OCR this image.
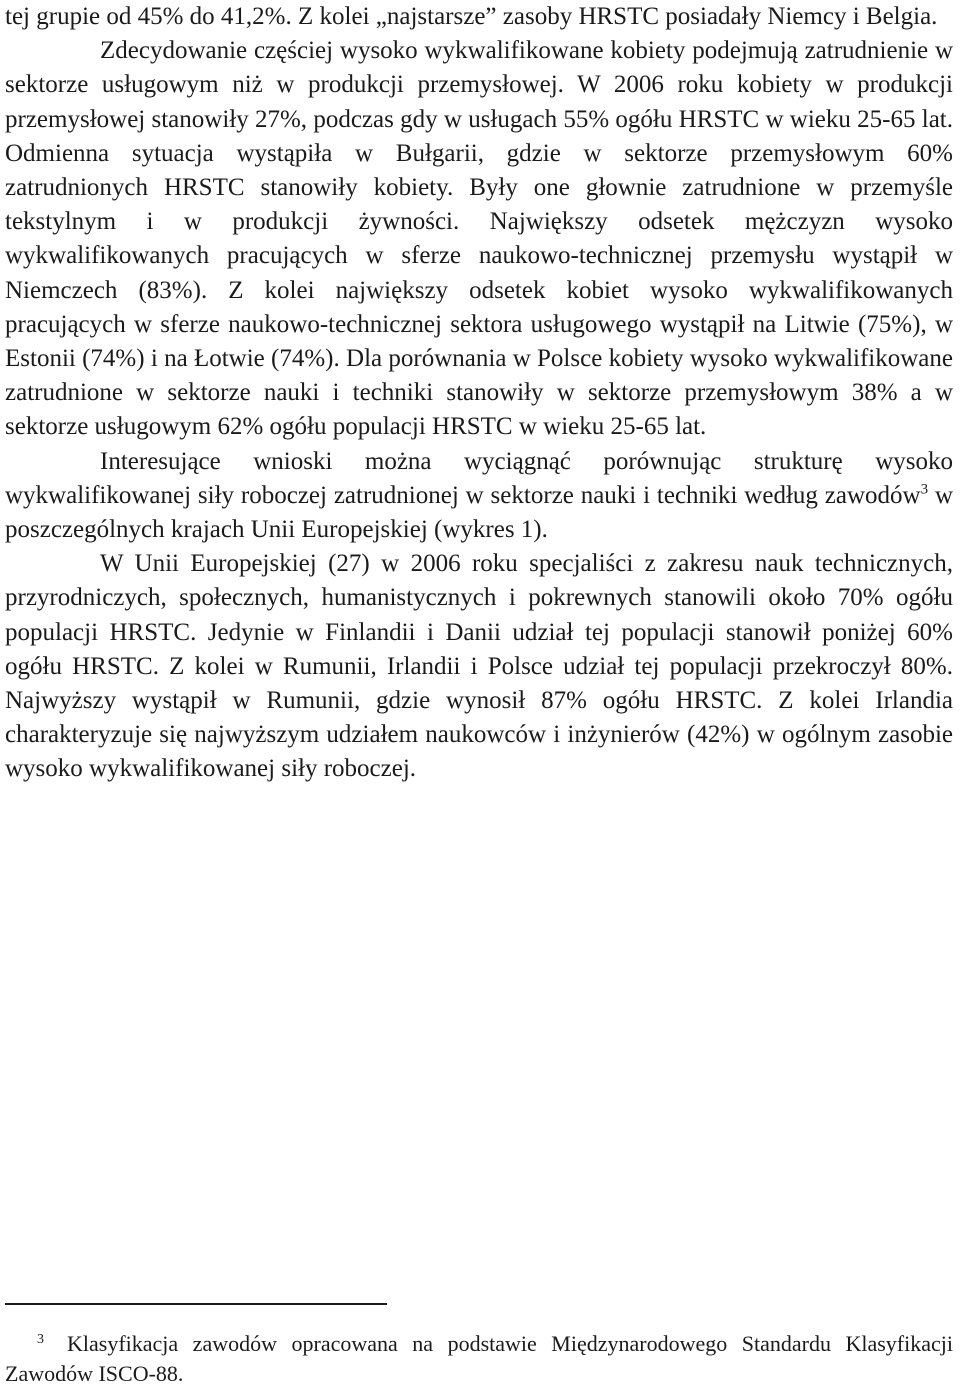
tej grupie od 45% do 41,2%. Z kolei „najstarsze” zasoby HRSTC posiadały Niemcy i Belgia.

Zdecydowanie częściej wysoko wykwalifikowane kobiety podejmują zatrudnienie w sektorze usługowym niż w produkcji przemysłowej. W 2006 roku kobiety w produkcji przemysłowej stanowiły 27%, podczas gdy w usługach 55% ogółu HRSTC w wieku 25-65 lat. Odmienna sytuacja wystąpiła w Bułgarii, gdzie w sektorze przemysłowym 60% zatrudnionych HRSTC stanowiły kobiety. Były one głownie zatrudnione w przemyśle tekstylnym i w produkcji żywności. Największy odsetek mężczyzn wysoko wykwalifikowanych pracujących w sferze naukowo-technicznej przemysłu wystąpił w Niemczech (83%). Z kolei największy odsetek kobiet wysoko wykwalifikowanych pracujących w sferze naukowo-technicznej sektora usługowego wystąpił na Litwie (75%), w Estonii (74%) i na Łotwie (74%). Dla porównania w Polsce kobiety wysoko wykwalifikowane zatrudnione w sektorze nauki i techniki stanowiły w sektorze przemysłowym 38% a w sektorze usługowym 62% ogółu populacji HRSTC w wieku 25-65 lat.

Interesujące wnioski można wyciągnąć porównując strukturę wysoko wykwalifikowanej siły roboczej zatrudnionej w sektorze nauki i techniki według zawodów$^3$ w poszczególnych krajach Unii Europejskiej (wykres 1).

W Unii Europejskiej (27) w 2006 roku specjaliści z zakresu nauk technicznych, przyrodniczych, społecznych, humanistycznych i pokrewnych stanowili około 70% ogółu populacji HRSTC. Jedynie w Finlandii i Danii udział tej populacji stanowił poniżej 60% ogółu HRSTC. Z kolei w Rumunii, Irlandii i Polsce udział tej populacji przekroczył 80%. Najwyższy wystąpił w Rumunii, gdzie wynosił 87% ogółu HRSTC. Z kolei Irlandia charakteryzuje się najwyższym udziałem naukowców i inżynierów (42%) w ogólnym zasobie wysoko wykwalifikowanej siły roboczej.

3 Klasyfikacja zawodów opracowana na podstawie Międzynarodowego Standardu Klasyfikacji Zawodów ISCO-88.
